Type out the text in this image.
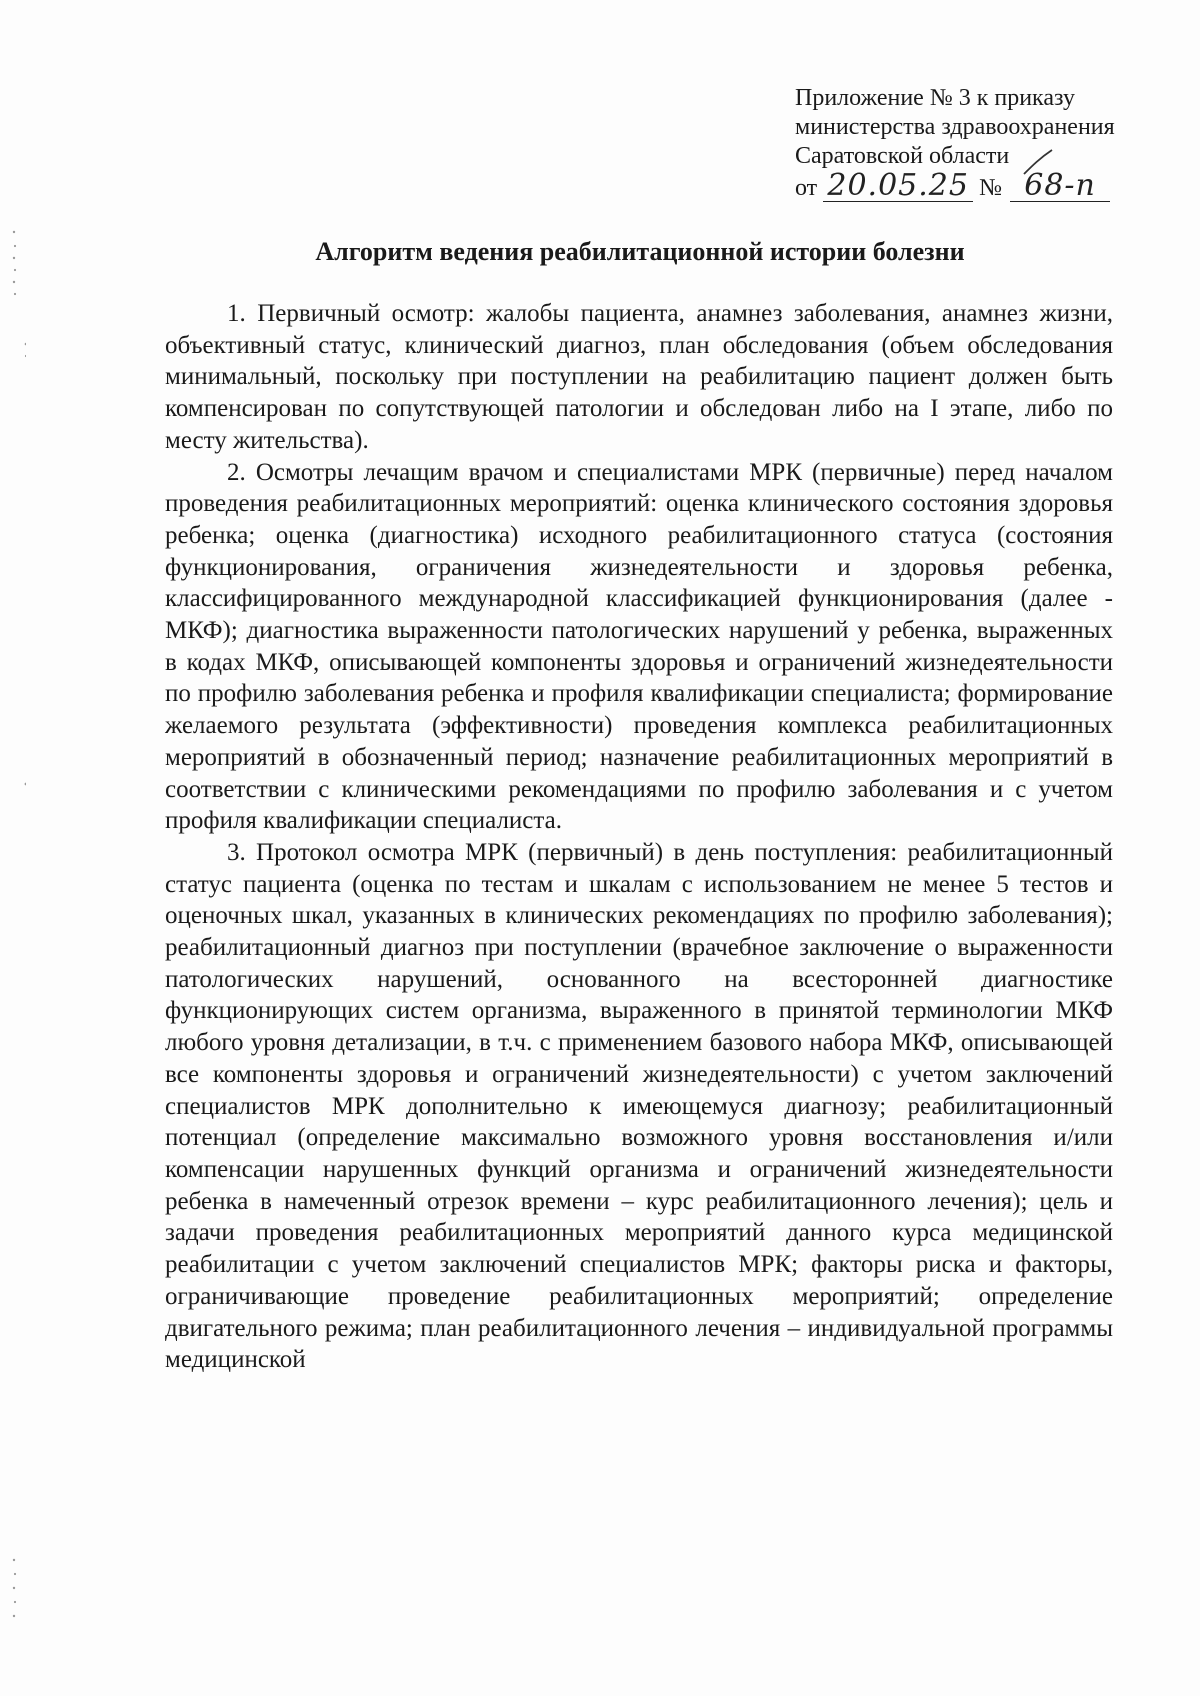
Приложение № 3 к приказу
министерства здравоохранения
Саратовской области
от 20.05.25 № 68-п
Алгоритм ведения реабилитационной истории болезни

1. Первичный осмотр: жалобы пациента, анамнез заболевания, анамнез жизни, объективный статус, клинический диагноз, план обследования (объем обследования минимальный, поскольку при поступлении на реабилитацию пациент должен быть компенсирован по сопутствующей патологии и обследован либо на I этапе, либо по месту жительства).

2. Осмотры лечащим врачом и специалистами МРК (первичные) перед началом проведения реабилитационных мероприятий: оценка клинического состояния здоровья ребенка; оценка (диагностика) исходного реабилитационного статуса (состояния функционирования, ограничения жизнедеятельности и здоровья ребенка, классифицированного международной классификацией функционирования (далее - МКФ); диагностика выраженности патологических нарушений у ребенка, выраженных в кодах МКФ, описывающей компоненты здоровья и ограничений жизнедеятельности по профилю заболевания ребенка и профиля квалификации специалиста; формирование желаемого результата (эффективности) проведения комплекса реабилитационных мероприятий в обозначенный период; назначение реабилитационных мероприятий в соответствии с клиническими рекомендациями по профилю заболевания и с учетом профиля квалификации специалиста.

3. Протокол осмотра МРК (первичный) в день поступления: реабилитационный статус пациента (оценка по тестам и шкалам с использованием не менее 5 тестов и оценочных шкал, указанных в клинических рекомендациях по профилю заболевания); реабилитационный диагноз при поступлении (врачебное заключение о выраженности патологических нарушений, основанного на всесторонней диагностике функционирующих систем организма, выраженного в принятой терминологии МКФ любого уровня детализации, в т.ч. с применением базового набора МКФ, описывающей все компоненты здоровья и ограничений жизнедеятельности) с учетом заключений специалистов МРК дополнительно к имеющемуся диагнозу; реабилитационный потенциал (определение максимально возможного уровня восстановления и/или компенсации нарушенных функций организма и ограничений жизнедеятельности ребенка в намеченный отрезок времени – курс реабилитационного лечения); цель и задачи проведения реабилитационных мероприятий данного курса медицинской реабилитации с учетом заключений специалистов МРК; факторы риска и факторы, ограничивающие проведение реабилитационных мероприятий; определение двигательного режима; план реабилитационного лечения – индивидуальной программы медицинской
